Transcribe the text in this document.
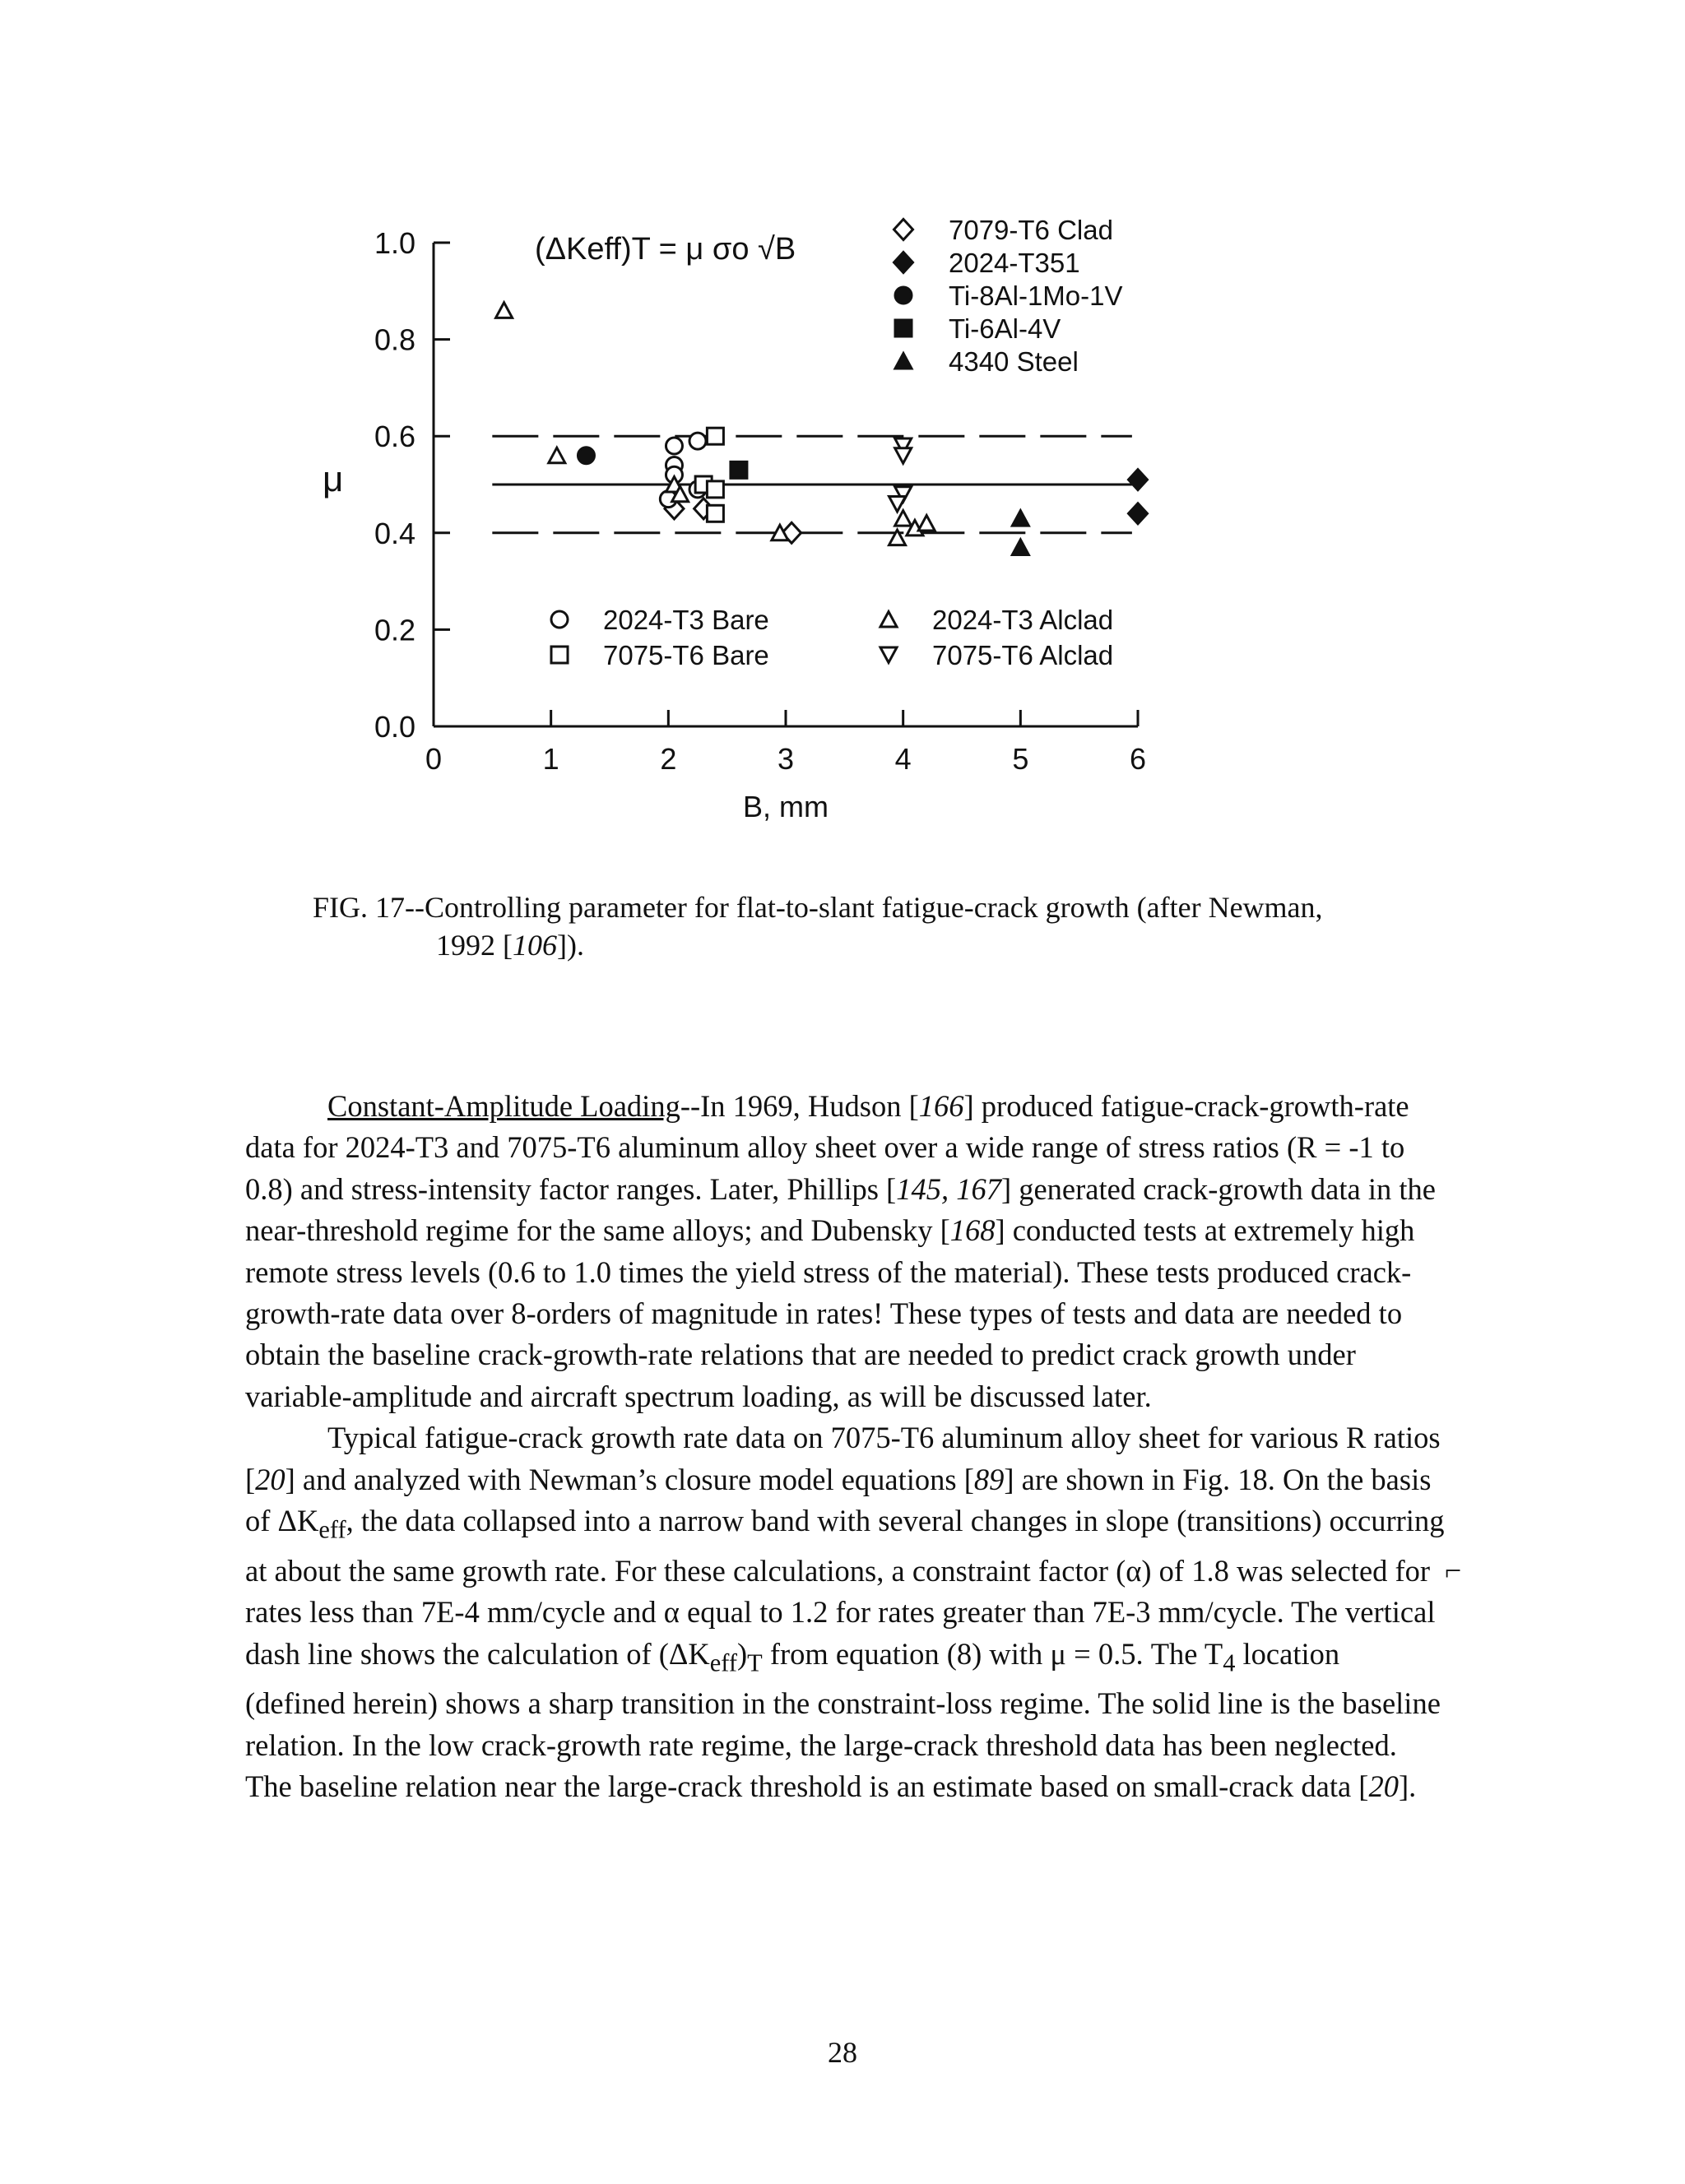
0.0
0.2
0.4
0.6
0.8
1.0
0	1	2	3	4	5	6
μ
B, mm
(ΔKeff)T = μ σo √B
7079-T6 Clad
2024-T351
Ti-8Al-1Mo-1V
Ti-6Al-4V
4340 Steel
2024-T3 Bare
7075-T6 Bare
2024-T3 Alclad
7075-T6 Alclad
FIG. 17--Controlling parameter for flat-to-slant fatigue-crack growth (after Newman,
1992 [106]).

Constant-Amplitude Loading--In 1969, Hudson [166] produced fatigue-crack-growth-rate data for 2024-T3 and 7075-T6 aluminum alloy sheet over a wide range of stress ratios (R = -1 to 0.8) and stress-intensity factor ranges. Later, Phillips [145, 167] generated crack-growth data in the near-threshold regime for the same alloys; and Dubensky [168] conducted tests at extremely high remote stress levels (0.6 to 1.0 times the yield stress of the material). These tests produced crack-growth-rate data over 8-orders of magnitude in rates! These types of tests and data are needed to obtain the baseline crack-growth-rate relations that are needed to predict crack growth under variable-amplitude and aircraft spectrum loading, as will be discussed later.

Typical fatigue-crack growth rate data on 7075-T6 aluminum alloy sheet for various R ratios [20] and analyzed with Newman’s closure model equations [89] are shown in Fig. 18. On the basis of $\Delta K_{eff}$, the data collapsed into a narrow band with several changes in slope (transitions) occurring at about the same growth rate. For these calculations, a constraint factor (α) of 1.8 was selected for rates less than 7E-4 mm/cycle and α equal to 1.2 for rates greater than 7E-3 mm/cycle. The vertical dash line shows the calculation of $(\Delta K_{eff})_T$ from equation (8) with μ = 0.5. The $T_4$ location (defined herein) shows a sharp transition in the constraint-loss regime. The solid line is the baseline relation. In the low crack-growth rate regime, the large-crack threshold data has been neglected. The baseline relation near the large-crack threshold is an estimate based on small-crack data [20].

⌐
28
